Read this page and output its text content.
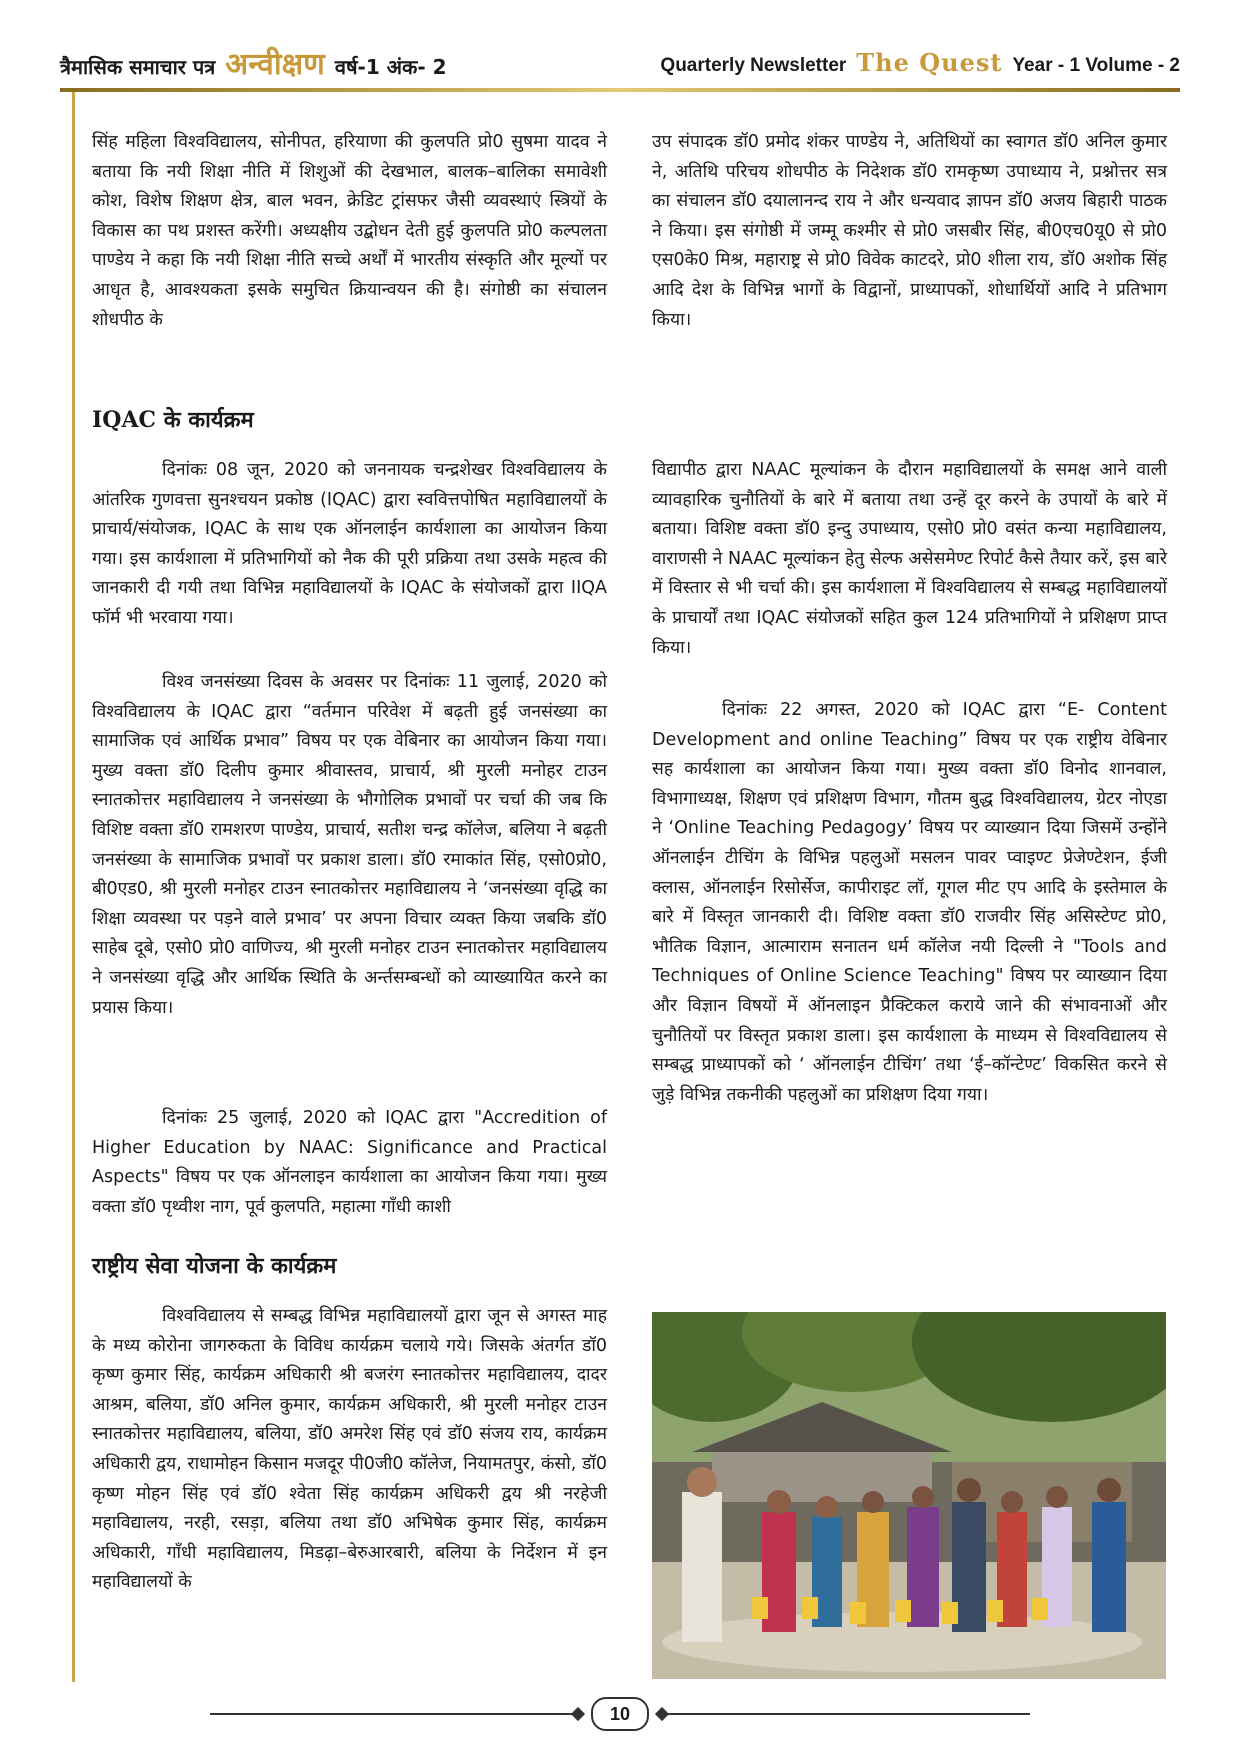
त्रैमासिक समाचार पत्र अन्वीक्षण वर्ष-1 अंक- 2	Quarterly Newsletter The Quest Year - 1 Volume - 2

सिंह महिला विश्वविद्यालय, सोनीपत, हरियाणा की कुलपति प्रो0 सुषमा यादव ने बताया कि नयी शिक्षा नीति में शिशुओं की देखभाल, बालक–बालिका समावेशी कोश, विशेष शिक्षण क्षेत्र, बाल भवन, क्रेडिट ट्रांसफर जैसी व्यवस्थाएं स्त्रियों के विकास का पथ प्रशस्त करेंगी। अध्यक्षीय उद्बोधन देती हुई कुलपति प्रो0 कल्पलता पाण्डेय ने कहा कि नयी शिक्षा नीति सच्चे अर्थों में भारतीय संस्कृति और मूल्यों पर आधृत है, आवश्यकता इसके समुचित क्रियान्वयन की है। संगोष्ठी का संचालन शोधपीठ के

उप संपादक डॉ0 प्रमोद शंकर पाण्डेय ने, अतिथियों का स्वागत डॉ0 अनिल कुमार ने, अतिथि परिचय शोधपीठ के निदेशक डॉ0 रामकृष्ण उपाध्याय ने, प्रश्नोत्तर सत्र का संचालन डॉ0 दयालानन्द राय ने और धन्यवाद ज्ञापन डॉ0 अजय बिहारी पाठक ने किया। इस संगोष्ठी में जम्मू कश्मीर से प्रो0 जसबीर सिंह, बी0एच0यू0 से प्रो0 एस0के0 मिश्र, महाराष्ट्र से प्रो0 विवेक काटदरे, प्रो0 शीला राय, डॉ0 अशोक सिंह आदि देश के विभिन्न भागों के विद्वानों, प्राध्यापकों, शोधार्थियों आदि ने प्रतिभाग किया।

IQAC के कार्यक्रम

दिनांकः 08 जून, 2020 को जननायक चन्द्रशेखर विश्वविद्यालय के आंतरिक गुणवत्ता सुनश्चयन प्रकोष्ठ (IQAC) द्वारा स्ववित्तपोषित महाविद्यालयों के प्राचार्य/संयोजक, IQAC के साथ एक ऑनलाईन कार्यशाला का आयोजन किया गया। इस कार्यशाला में प्रतिभागियों को नैक की पूरी प्रक्रिया तथा उसके महत्व की जानकारी दी गयी तथा विभिन्न महाविद्यालयों के IQAC के संयोजकों द्वारा IIQA फॉर्म भी भरवाया गया।

विश्व जनसंख्या दिवस के अवसर पर दिनांकः 11 जुलाई, 2020 को विश्वविद्यालय के IQAC द्वारा “वर्तमान परिवेश में बढ़ती हुई जनसंख्या का सामाजिक एवं आर्थिक प्रभाव” विषय पर एक वेबिनार का आयोजन किया गया। मुख्य वक्ता डॉ0 दिलीप कुमार श्रीवास्तव, प्राचार्य, श्री मुरली मनोहर टाउन स्नातकोत्तर महाविद्यालय ने जनसंख्या के भौगोलिक प्रभावों पर चर्चा की जब कि विशिष्ट वक्ता डॉ0 रामशरण पाण्डेय, प्राचार्य, सतीश चन्द्र कॉलेज, बलिया ने बढ़ती जनसंख्या के सामाजिक प्रभावों पर प्रकाश डाला। डॉ0 रमाकांत सिंह, एसो0प्रो0, बी0एड0, श्री मुरली मनोहर टाउन स्नातकोत्तर महाविद्यालय ने ‘जनसंख्या वृद्धि का शिक्षा व्यवस्था पर पड़ने वाले प्रभाव’ पर अपना विचार व्यक्त किया जबकि डॉ0 साहेब दूबे, एसो0 प्रो0 वाणिज्य, श्री मुरली मनोहर टाउन स्नातकोत्तर महाविद्यालय ने जनसंख्या वृद्धि और आर्थिक स्थिति के अर्न्तसम्बन्धों को व्याख्यायित करने का प्रयास किया।

दिनांकः 25 जुलाई, 2020 को IQAC द्वारा "Accredition of Higher Education by NAAC: Significance and Practical Aspects" विषय पर एक ऑनलाइन कार्यशाला का आयोजन किया गया। मुख्य वक्ता डॉ0 पृथ्वीश नाग, पूर्व कुलपति, महात्मा गाँधी काशी

विद्यापीठ द्वारा NAAC मूल्यांकन के दौरान महाविद्यालयों के समक्ष आने वाली व्यावहारिक चुनौतियों के बारे में बताया तथा उन्हें दूर करने के उपायों के बारे में बताया। विशिष्ट वक्ता डॉ0 इन्दु उपाध्याय, एसो0 प्रो0 वसंत कन्या महाविद्यालय, वाराणसी ने NAAC मूल्यांकन हेतु सेल्फ असेसमेण्ट रिपोर्ट कैसे तैयार करें, इस बारे में विस्तार से भी चर्चा की। इस कार्यशाला में विश्वविद्यालय से सम्बद्ध महाविद्यालयों के प्राचार्यों तथा IQAC संयोजकों सहित कुल 124 प्रतिभागियों ने प्रशिक्षण प्राप्त किया।

दिनांकः 22 अगस्त, 2020 को IQAC द्वारा “E- Content Development and online Teaching” विषय पर एक राष्ट्रीय वेबिनार सह कार्यशाला का आयोजन किया गया। मुख्य वक्ता डॉ0 विनोद शानवाल, विभागाध्यक्ष, शिक्षण एवं प्रशिक्षण विभाग, गौतम बुद्ध विश्वविद्यालय, ग्रेटर नोएडा ने ‘Online Teaching Pedagogy’ विषय पर व्याख्यान दिया जिसमें उन्होंने ऑनलाईन टीचिंग के विभिन्न पहलुओं मसलन पावर प्वाइण्ट प्रेजेण्टेशन, ईजी क्लास, ऑनलाईन रिसोर्सेज, कापीराइट लॉ, गूगल मीट एप आदि के इस्तेमाल के बारे में विस्तृत जानकारी दी। विशिष्ट वक्ता डॉ0 राजवीर सिंह असिस्टेण्ट प्रो0, भौतिक विज्ञान, आत्माराम सनातन धर्म कॉलेज नयी दिल्ली ने "Tools and Techniques of Online Science Teaching" विषय पर व्याख्यान दिया और विज्ञान विषयों में ऑनलाइन प्रैक्टिकल कराये जाने की संभावनाओं और चुनौतियों पर विस्तृत प्रकाश डाला। इस कार्यशाला के माध्यम से विश्वविद्यालय से सम्बद्ध प्राध्यापकों को ‘ ऑनलाईन टीचिंग’ तथा ‘ई–कॉन्टेण्ट’ विकसित करने से जुड़े विभिन्न तकनीकी पहलुओं का प्रशिक्षण दिया गया।

राष्ट्रीय सेवा योजना के कार्यक्रम

विश्वविद्यालय से सम्बद्ध विभिन्न महाविद्यालयों द्वारा जून से अगस्त माह के मध्य कोरोना जागरुकता के विविध कार्यक्रम चलाये गये। जिसके अंतर्गत डॉ0 कृष्ण कुमार सिंह, कार्यक्रम अधिकारी श्री बजरंग स्नातकोत्तर महाविद्यालय, दादर आश्रम, बलिया, डॉ0 अनिल कुमार, कार्यक्रम अधिकारी, श्री मुरली मनोहर टाउन स्नातकोत्तर महाविद्यालय, बलिया, डॉ0 अमरेश सिंह एवं डॉ0 संजय राय, कार्यक्रम अधिकारी द्वय, राधामोहन किसान मजदूर पी0जी0 कॉलेज, नियामतपुर, कंसो, डॉ0 कृष्ण मोहन सिंह एवं डॉ0 श्वेता सिंह कार्यक्रम अधिकरी द्वय श्री नरहेजी महाविद्यालय, नरही, रसड़ा, बलिया तथा डॉ0 अभिषेक कुमार सिंह, कार्यक्रम अधिकारी, गाँधी महाविद्यालय, मिडढ़ा–बेरुआरबारी, बलिया के निर्देशन में इन महाविद्यालयों के

10
